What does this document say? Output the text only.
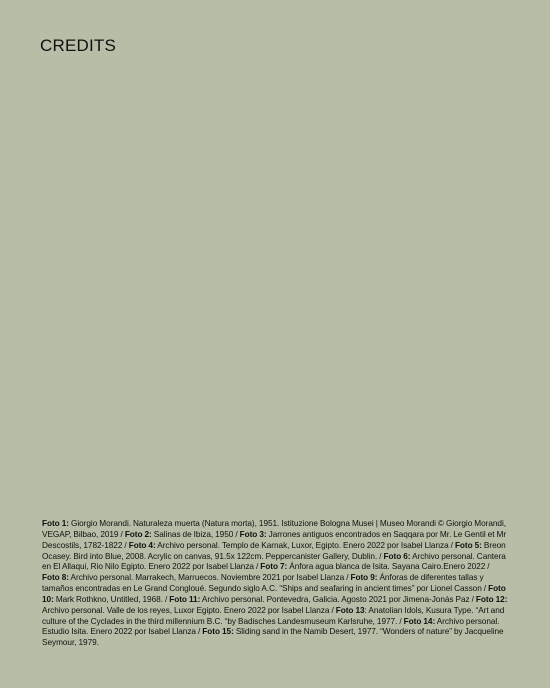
CREDITS
Foto 1: Giorgio Morandi. Naturaleza muerta (Natura morta), 1951. Istituzione Bologna Musei | Museo Morandi © Giorgio Morandi, VEGAP, Bilbao, 2019 / Foto 2: Salinas de Ibiza, 1950 / Foto 3: Jarrones antiguos encontrados en Saqqara por Mr. Le Gentil et Mr Descostils, 1782-1822 / Foto 4: Archivo personal. Templo de Karnak, Luxor, Egipto. Enero 2022 por Isabel Llanza / Foto 5: Breon Ocasey. Bird into Blue, 2008. Acrylic on canvas, 91.5x 122cm. Peppercanister Gallery, Dublin. / Foto 6: Archivo personal. Cantera en El Allaqui, Rio Nilo Egipto. Enero 2022 por Isabel Llanza / Foto 7: Ánfora agua blanca de Isita. Sayana Cairo.Enero 2022 / Foto 8: Archivo personal. Marrakech, Marruecos. Noviembre 2021 por Isabel Llanza / Foto 9: Ánforas de diferentes tallas y tamaños encontradas en Le Grand Congloué. Segundo siglo A.C. “Ships and seafaring in ancient times” por Lionel Casson / Foto 10: Mark Rothkno, Untitled, 1968. / Foto 11: Archivo personal. Pontevedra, Galicia. Agosto 2021 por Jimena-Jonás Paz / Foto 12: Archivo personal. Valle de los reyes, Luxor Egipto. Enero 2022 por Isabel Llanza / Foto 13: Anatolian Idols, Kusura Type. “Art and culture of the Cyclades in the third millennium B.C. “by Badisches Landesmuseum Karlsruhe, 1977. / Foto 14: Archivo personal. Estudio Isita. Enero 2022 por Isabel Llanza / Foto 15: Sliding sand in the Namib Desert, 1977. “Wonders of nature” by Jacqueline Seymour, 1979.
